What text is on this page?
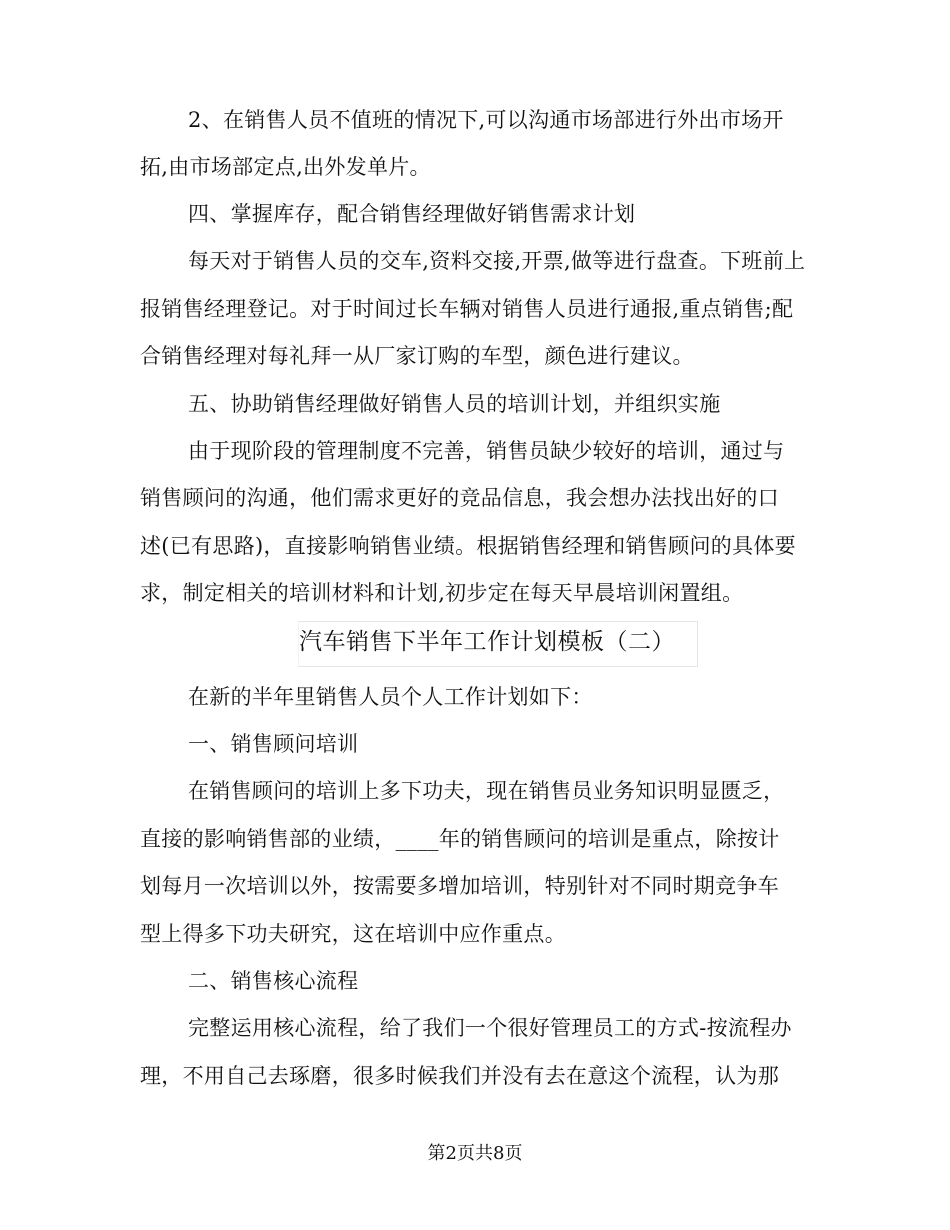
2、在销售人员不值班的情况下,可以沟通市场部进行外出市场开
拓,由市场部定点,出外发单片。
四、掌握库存，配合销售经理做好销售需求计划
每天对于销售人员的交车,资料交接,开票,做等进行盘查。下班前上
报销售经理登记。对于时间过长车辆对销售人员进行通报,重点销售;配
合销售经理对每礼拜一从厂家订购的车型，颜色进行建议。
五、协助销售经理做好销售人员的培训计划，并组织实施
由于现阶段的管理制度不完善，销售员缺少较好的培训，通过与
销售顾问的沟通，他们需求更好的竞品信息，我会想办法找出好的口
述(已有思路)，直接影响销售业绩。根据销售经理和销售顾问的具体要
求，制定相关的培训材料和计划,初步定在每天早晨培训闲置组。
汽车销售下半年工作计划模板（二）
在新的半年里销售人员个人工作计划如下：
一、销售顾问培训
在销售顾问的培训上多下功夫，现在销售员业务知识明显匮乏，
直接的影响销售部的业绩，____年的销售顾问的培训是重点，除按计
划每月一次培训以外，按需要多增加培训，特别针对不同时期竞争车
型上得多下功夫研究，这在培训中应作重点。
二、销售核心流程
完整运用核心流程，给了我们一个很好管理员工的方式-按流程办
理，不用自己去琢磨，很多时候我们并没有去在意这个流程，认为那
第2页共8页
